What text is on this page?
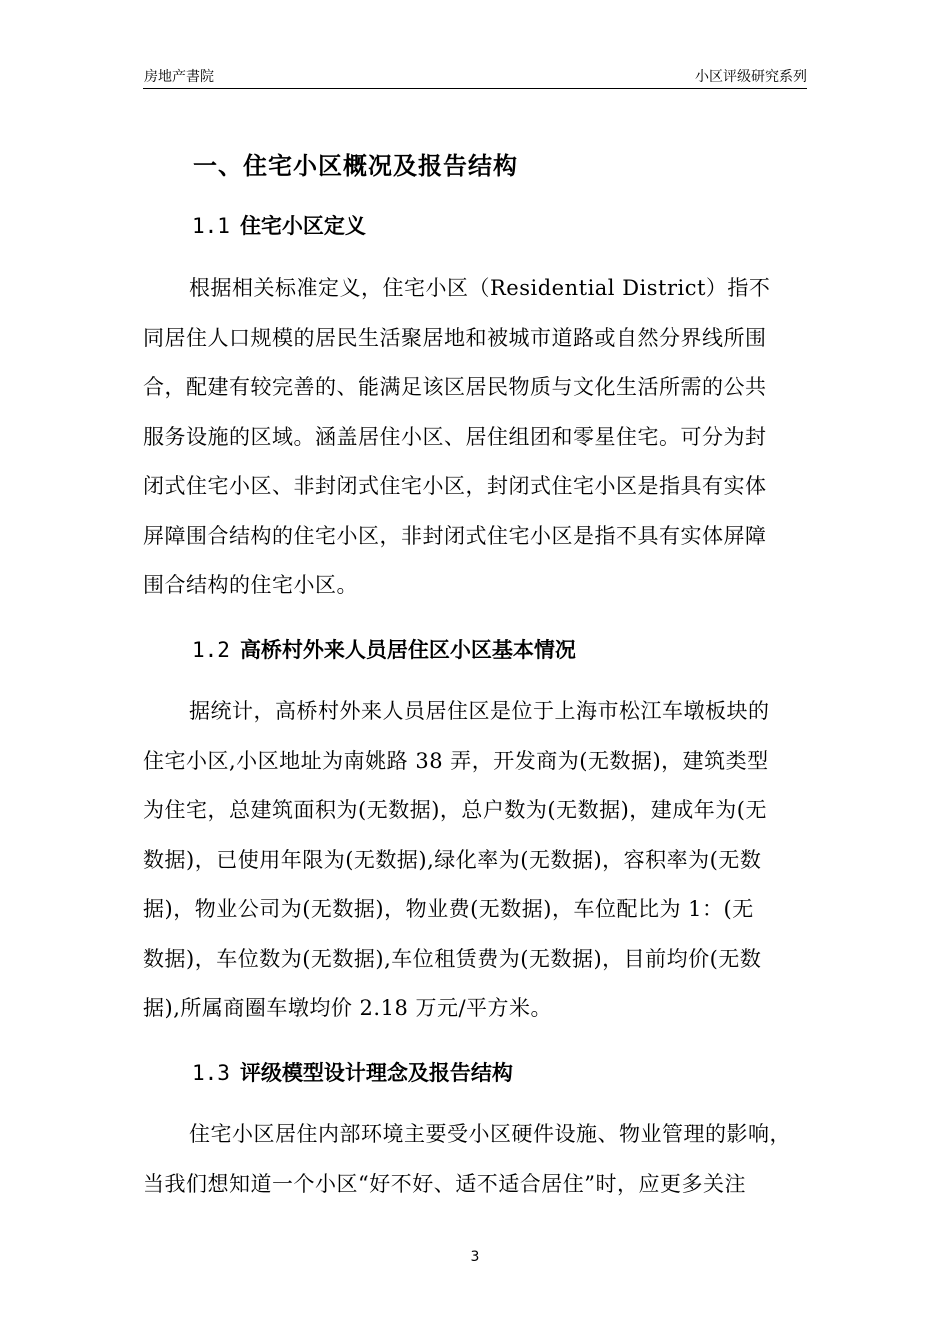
房地产書院	小区评级研究系列
一、住宅小区概况及报告结构
1.1 住宅小区定义
根据相关标准定义，住宅小区（Residential District）指不
同居住人口规模的居民生活聚居地和被城市道路或自然分界线所围
合，配建有较完善的、能满足该区居民物质与文化生活所需的公共
服务设施的区域。涵盖居住小区、居住组团和零星住宅。可分为封
闭式住宅小区、非封闭式住宅小区，封闭式住宅小区是指具有实体
屏障围合结构的住宅小区，非封闭式住宅小区是指不具有实体屏障
围合结构的住宅小区。
1.2 高桥村外来人员居住区小区基本情况
据统计，高桥村外来人员居住区是位于上海市松江车墩板块的
住宅小区,小区地址为南姚路 38 弄，开发商为(无数据)，建筑类型
为住宅，总建筑面积为(无数据)，总户数为(无数据)，建成年为(无
数据)，已使用年限为(无数据),绿化率为(无数据)，容积率为(无数
据)，物业公司为(无数据)，物业费(无数据)，车位配比为 1：(无
数据)，车位数为(无数据),车位租赁费为(无数据)，目前均价(无数
据),所属商圈车墩均价 2.18 万元/平方米。
1.3 评级模型设计理念及报告结构
住宅小区居住内部环境主要受小区硬件设施、物业管理的影响，
当我们想知道一个小区“好不好、适不适合居住”时，应更多关注
3
